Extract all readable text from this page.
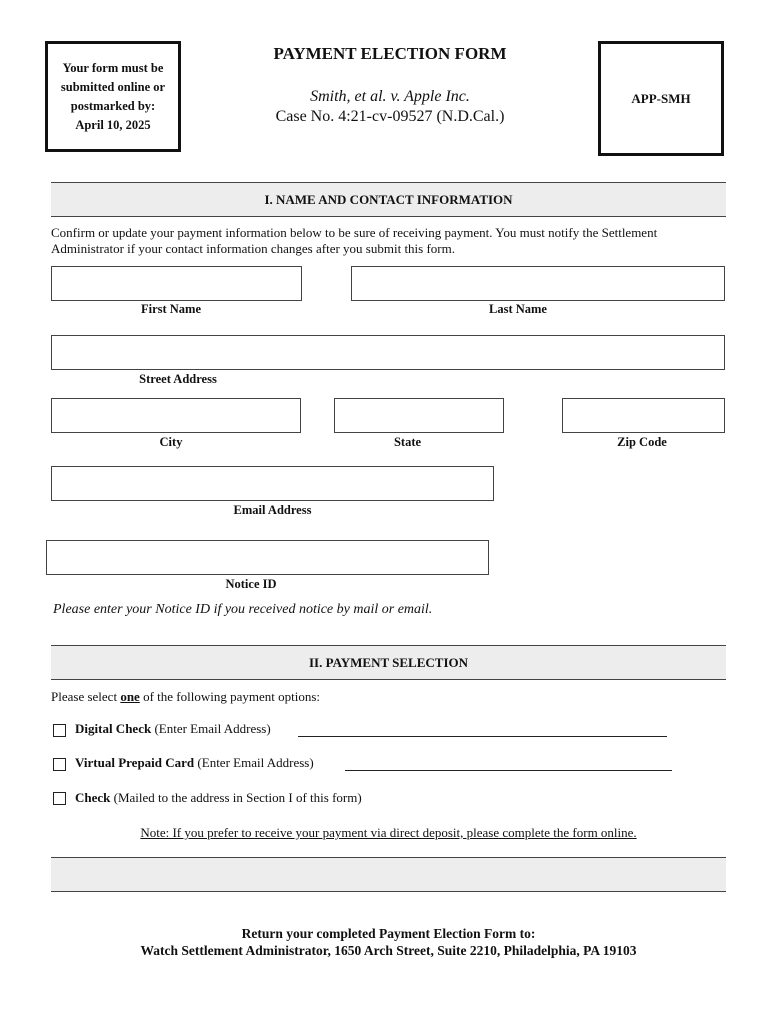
Your form must be
submitted online or
postmarked by:
April 10, 2025
PAYMENT ELECTION FORM
Smith, et al. v. Apple Inc.
Case No. 4:21-cv-09527 (N.D.Cal.)
APP-SMH
I. NAME AND CONTACT INFORMATION
Confirm or update your payment information below to be sure of receiving payment. You must notify the Settlement Administrator if your contact information changes after you submit this form.
First Name	Last Name
Street Address
City	State	Zip Code
Email Address
Notice ID
Please enter your Notice ID if you received notice by mail or email.
II. PAYMENT SELECTION
Please select one of the following payment options:
Digital Check (Enter Email Address)
Virtual Prepaid Card (Enter Email Address)
Check (Mailed to the address in Section I of this form)
Note: If you prefer to receive your payment via direct deposit, please complete the form online.
Return your completed Payment Election Form to:
Watch Settlement Administrator, 1650 Arch Street, Suite 2210, Philadelphia, PA 19103
